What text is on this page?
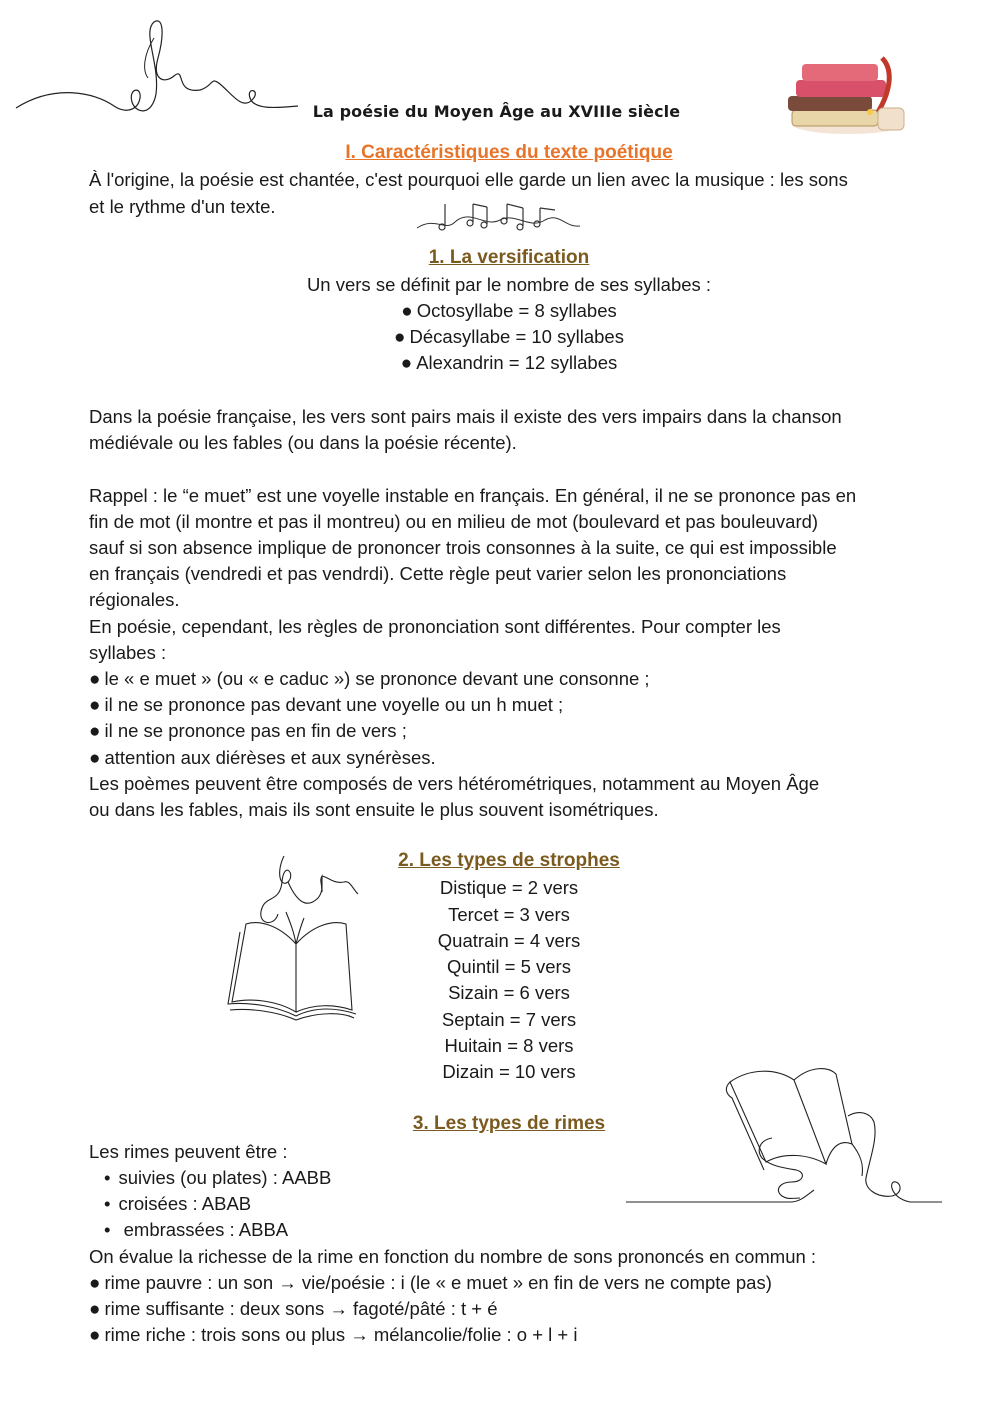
La poésie du Moyen Âge au XVIIIe siècle
I. Caractéristiques du texte poétique
À l'origine, la poésie est chantée, c'est pourquoi elle garde un lien avec la musique : les sons
et le rythme d'un texte.
1. La versification
Un vers se définit par le nombre de ses syllabes :
● Octosyllabe = 8 syllabes
● Décasyllabe = 10 syllabes
● Alexandrin = 12 syllabes
Dans la poésie française, les vers sont pairs mais il existe des vers impairs dans la chanson
médiévale ou les fables (ou dans la poésie récente).
Rappel : le “e muet” est une voyelle instable en français. En général, il ne se prononce pas en
fin de mot (il montre et pas il montreu) ou en milieu de mot (boulevard et pas bouleuvard)
sauf si son absence implique de prononcer trois consonnes à la suite, ce qui est impossible
en français (vendredi et pas vendrdi). Cette règle peut varier selon les prononciations
régionales.
En poésie, cependant, les règles de prononciation sont différentes. Pour compter les
syllabes :
● le « e muet » (ou « e caduc ») se prononce devant une consonne ;
● il ne se prononce pas devant une voyelle ou un h muet ;
● il ne se prononce pas en fin de vers ;
● attention aux diérèses et aux synérèses.
Les poèmes peuvent être composés de vers hétérométriques, notamment au Moyen Âge
ou dans les fables, mais ils sont ensuite le plus souvent isométriques.
2. Les types de strophes
Distique = 2 vers
Tercet = 3 vers
Quatrain = 4 vers
Quintil = 5 vers
Sizain = 6 vers
Septain = 7 vers
Huitain = 8 vers
Dizain = 10 vers
3. Les types de rimes
Les rimes peuvent être :
• suivies (ou plates) : AABB
• croisées : ABAB
• embrassées : ABBA
On évalue la richesse de la rime en fonction du nombre de sons prononcés en commun :
● rime pauvre : un son → vie/poésie : i (le « e muet » en fin de vers ne compte pas)
● rime suffisante : deux sons → fagoté/pâté : t + é
● rime riche : trois sons ou plus → mélancolie/folie : o + l + i
